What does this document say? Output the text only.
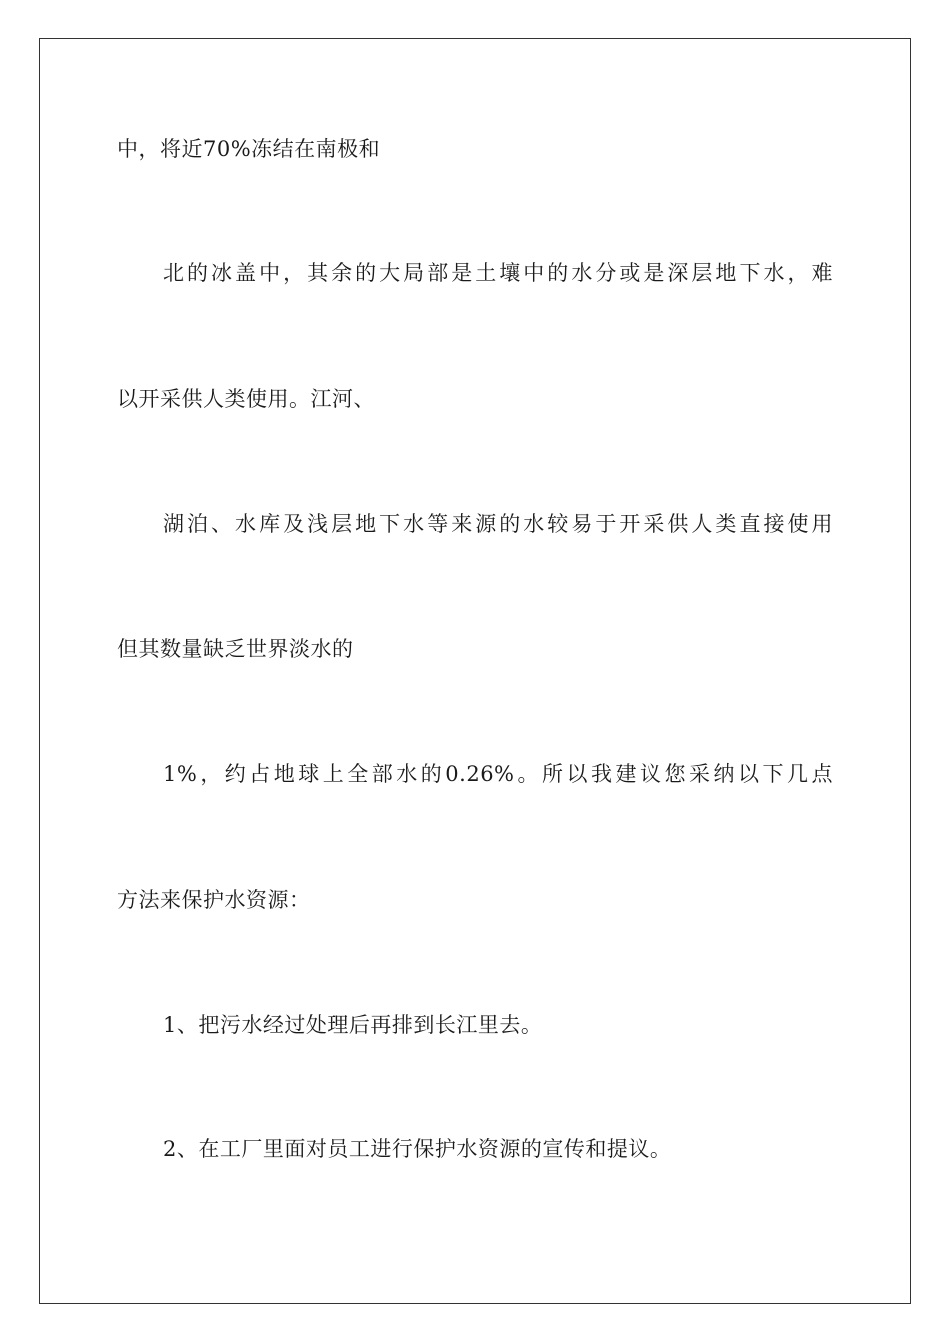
中，将近70%冻结在南极和
北的冰盖中，其余的大局部是土壤中的水分或是深层地下水，难
以开采供人类使用。江河、
湖泊、水库及浅层地下水等来源的水较易于开采供人类直接使用
但其数量缺乏世界淡水的
1%，约占地球上全部水的0.26%。所以我建议您采纳以下几点
方法来保护水资源：
1、把污水经过处理后再排到长江里去。
2、在工厂里面对员工进行保护水资源的宣传和提议。
